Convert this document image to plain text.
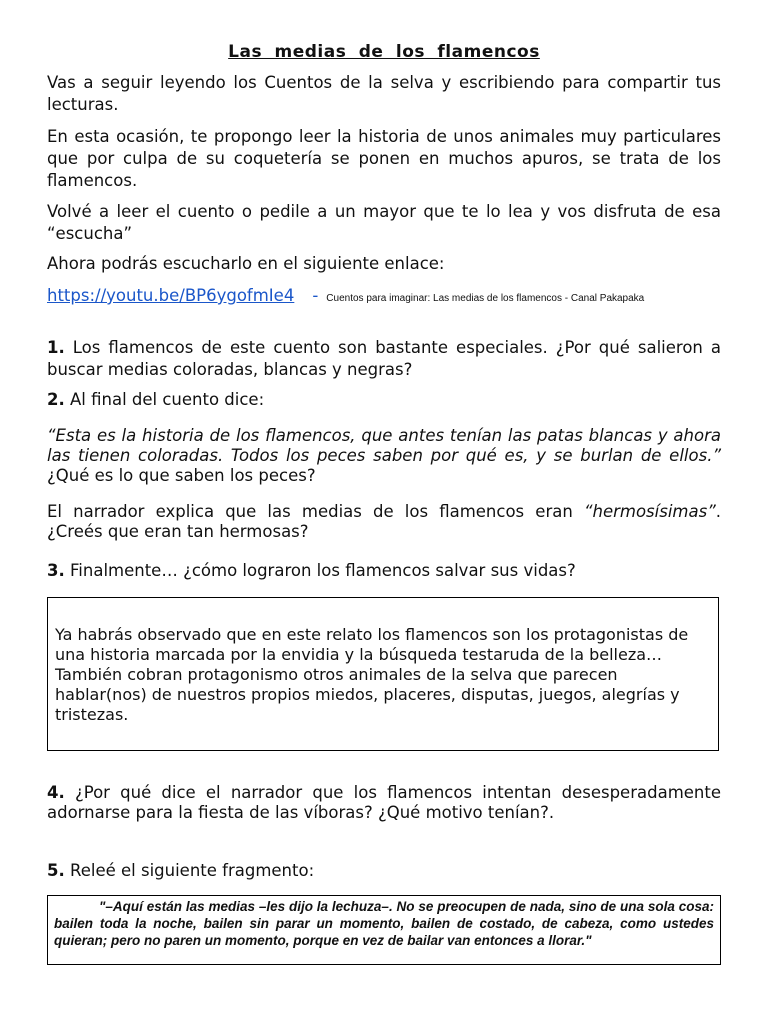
Las medias de los flamencos
Vas a seguir leyendo los Cuentos de la selva y escribiendo para compartir tus lecturas.
En esta ocasión, te propongo leer la historia de unos animales muy particulares que por culpa de su coquetería se ponen en muchos apuros, se trata de los flamencos.
Volvé a leer el cuento o pedile a un mayor que te lo lea y vos disfruta de esa “escucha”
Ahora podrás escucharlo en el siguiente enlace:
https://youtu.be/BP6ygofmIe4 - Cuentos para imaginar: Las medias de los flamencos - Canal Pakapaka
1. Los flamencos de este cuento son bastante especiales. ¿Por qué salieron a buscar medias coloradas, blancas y negras?
2. Al final del cuento dice:
“Esta es la historia de los flamencos, que antes tenían las patas blancas y ahora las tienen coloradas. Todos los peces saben por qué es, y se burlan de ellos.” ¿Qué es lo que saben los peces?
El narrador explica que las medias de los flamencos eran “hermosísimas”. ¿Creés que eran tan hermosas?
3. Finalmente… ¿cómo lograron los flamencos salvar sus vidas?
Ya habrás observado que en este relato los flamencos son los protagonistas de una historia marcada por la envidia y la búsqueda testaruda de la belleza… También cobran protagonismo otros animales de la selva que parecen hablar(nos) de nuestros propios miedos, placeres, disputas, juegos, alegrías y tristezas.
4. ¿Por qué dice el narrador que los flamencos intentan desesperadamente adornarse para la fiesta de las víboras? ¿Qué motivo tenían?.
5. Releé el siguiente fragmento:
"–Aquí están las medias –les dijo la lechuza–. No se preocupen de nada, sino de una sola cosa: bailen toda la noche, bailen sin parar un momento, bailen de costado, de cabeza, como ustedes quieran; pero no paren un momento, porque en vez de bailar van entonces a llorar."
